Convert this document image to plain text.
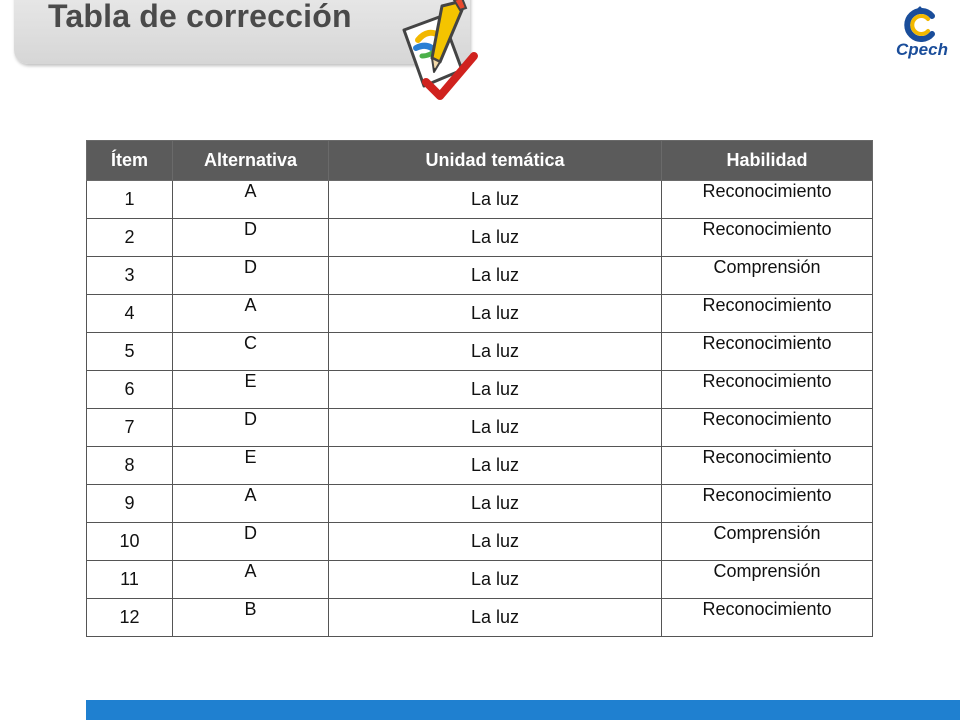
Tabla de corrección
Cpech
Ítem	Alternativa	Unidad temática	Habilidad
1	A	La luz	Reconocimiento
2	D	La luz	Reconocimiento
3	D	La luz	Comprensión
4	A	La luz	Reconocimiento
5	C	La luz	Reconocimiento
6	E	La luz	Reconocimiento
7	D	La luz	Reconocimiento
8	E	La luz	Reconocimiento
9	A	La luz	Reconocimiento
10	D	La luz	Comprensión
11	A	La luz	Comprensión
12	B	La luz	Reconocimiento
